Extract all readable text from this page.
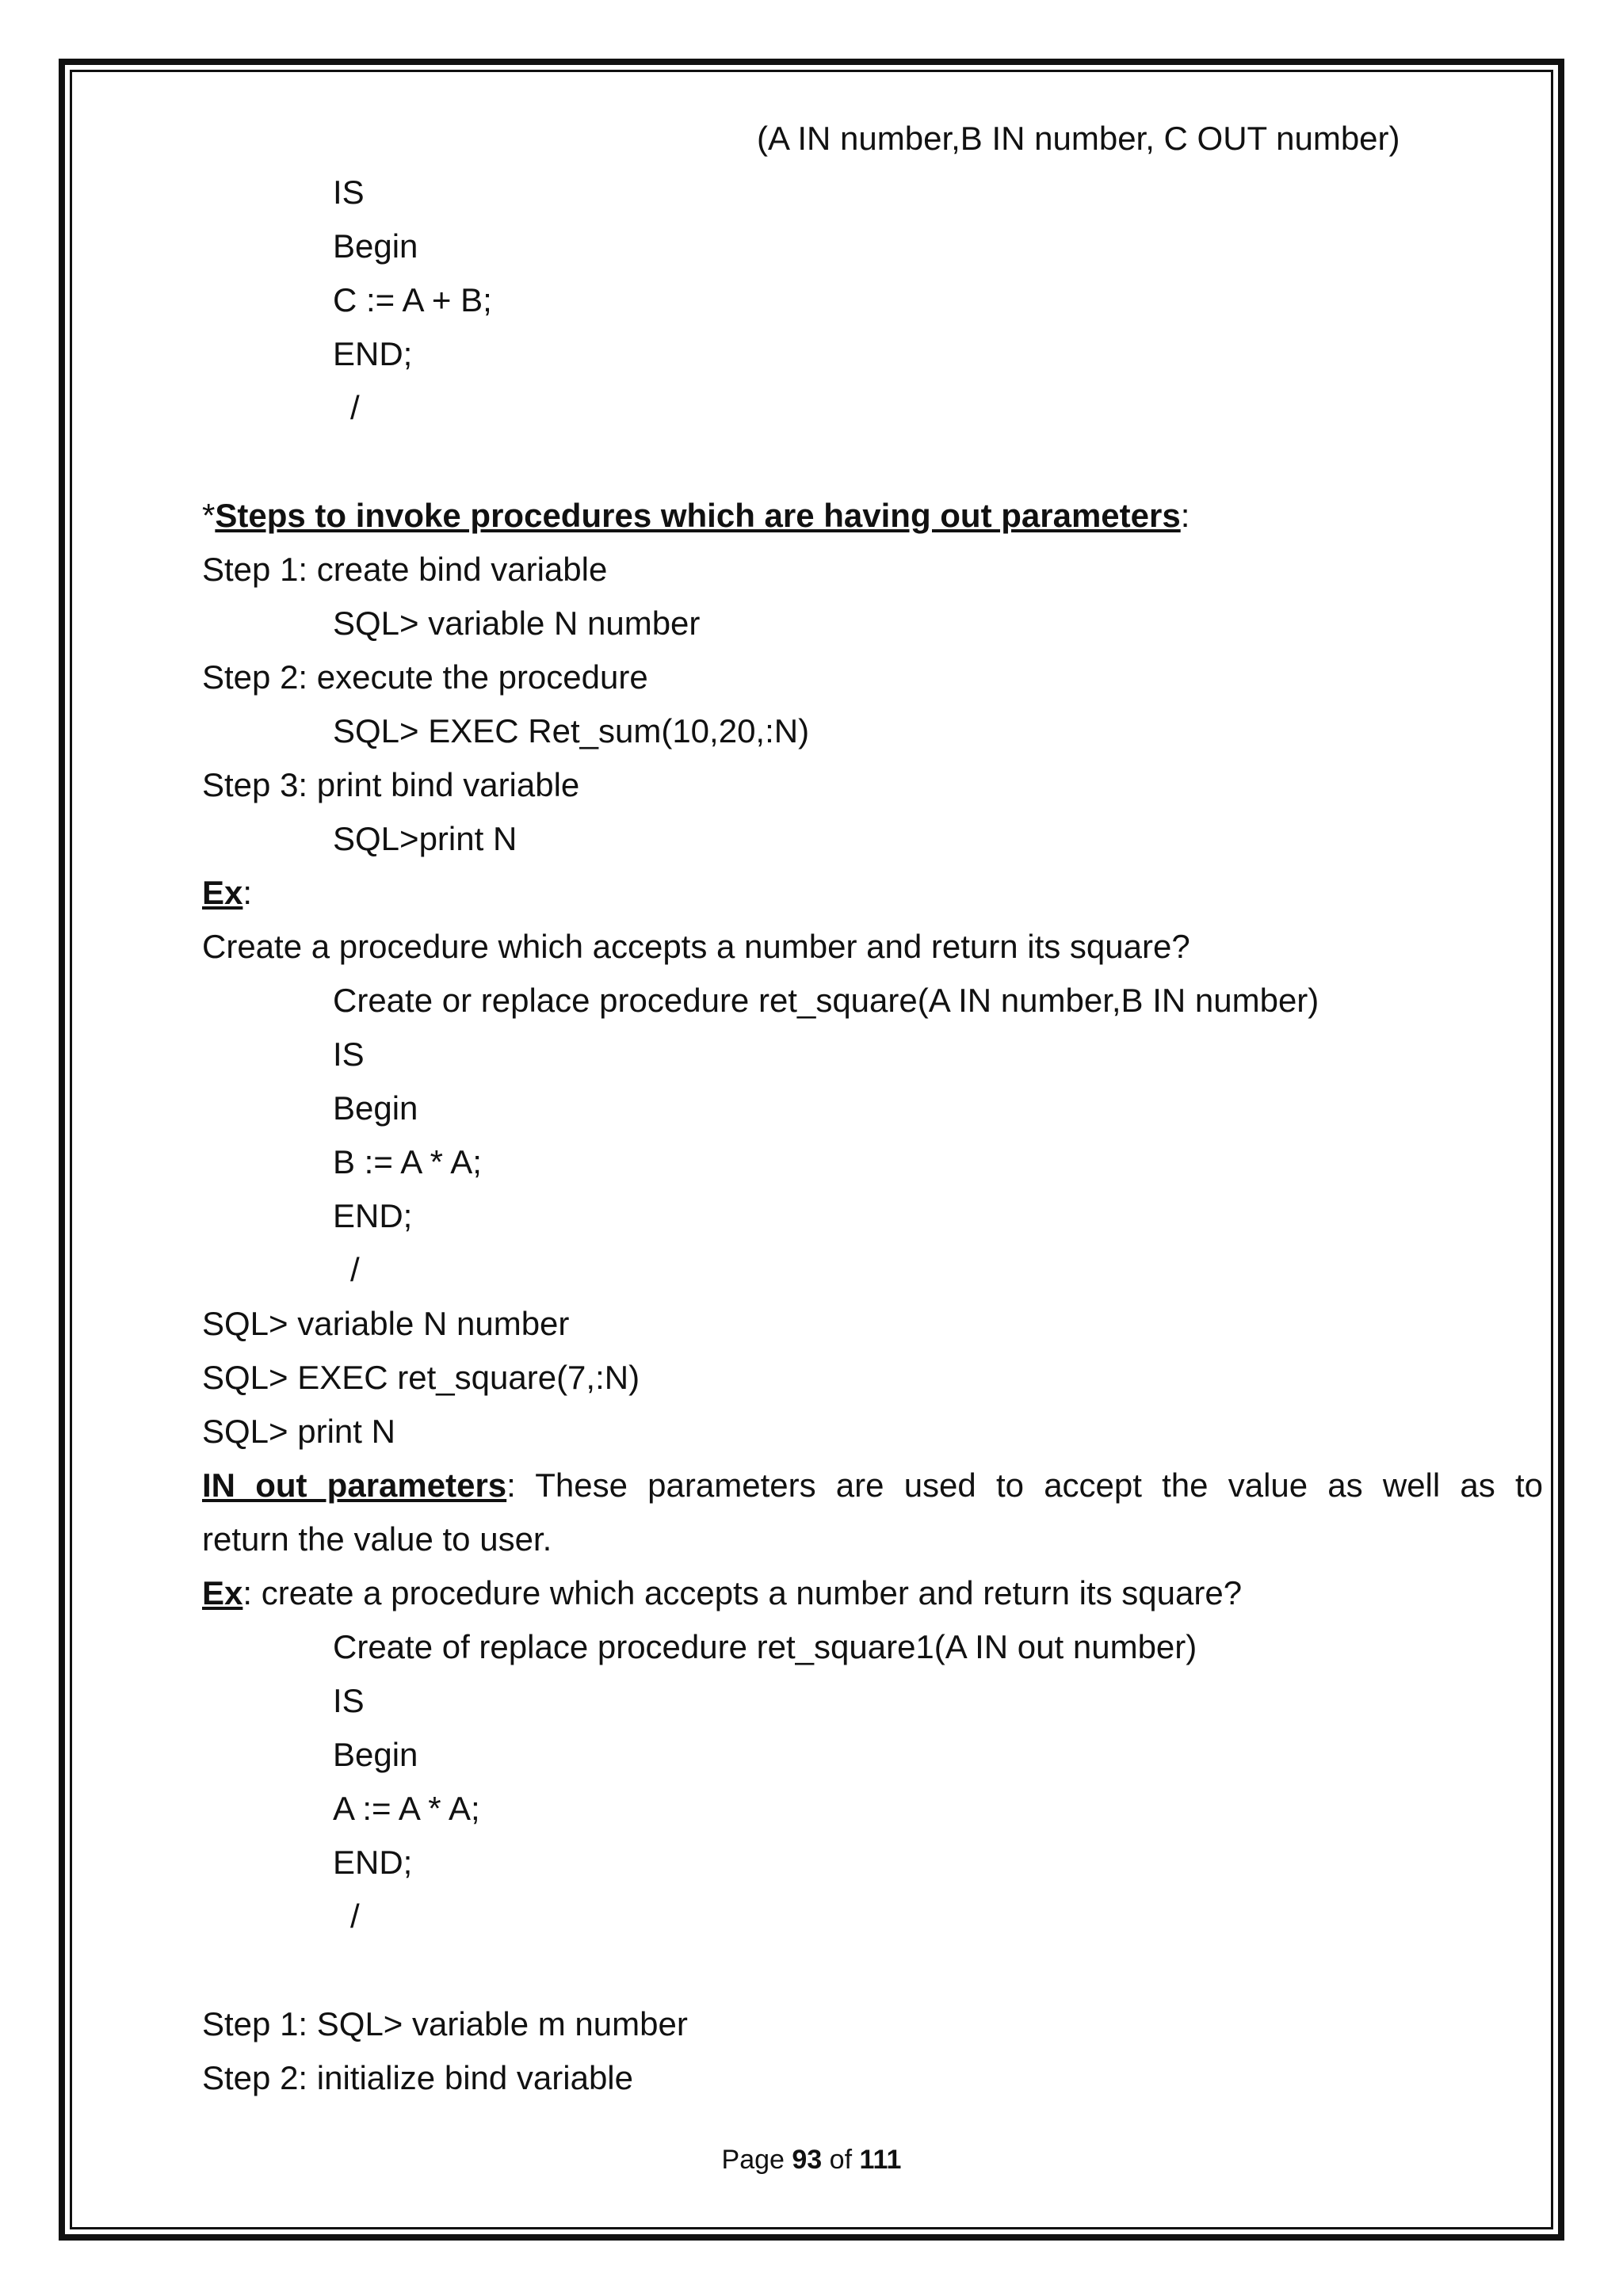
(A IN number,B IN number, C OUT number)
IS
Begin
C := A + B;
END;
/
*Steps to invoke procedures which are having out parameters:
Step 1: create bind variable
SQL> variable N number
Step 2: execute the procedure
SQL> EXEC Ret_sum(10,20,:N)
Step 3: print bind variable
SQL>print N
Ex:
Create a procedure which accepts a number and return its square?
Create or replace procedure ret_square(A IN number,B IN number)
IS
Begin
B := A * A;
END;
/
SQL> variable N number
SQL> EXEC ret_square(7,:N)
SQL> print N
IN out parameters: These parameters are used to accept the value as well as to
return the value to user.
Ex: create a procedure which accepts a number and return its square?
Create of replace procedure ret_square1(A IN out number)
IS
Begin
A := A * A;
END;
/
Step 1: SQL> variable m number
Step 2: initialize bind variable
Page 93 of 111
